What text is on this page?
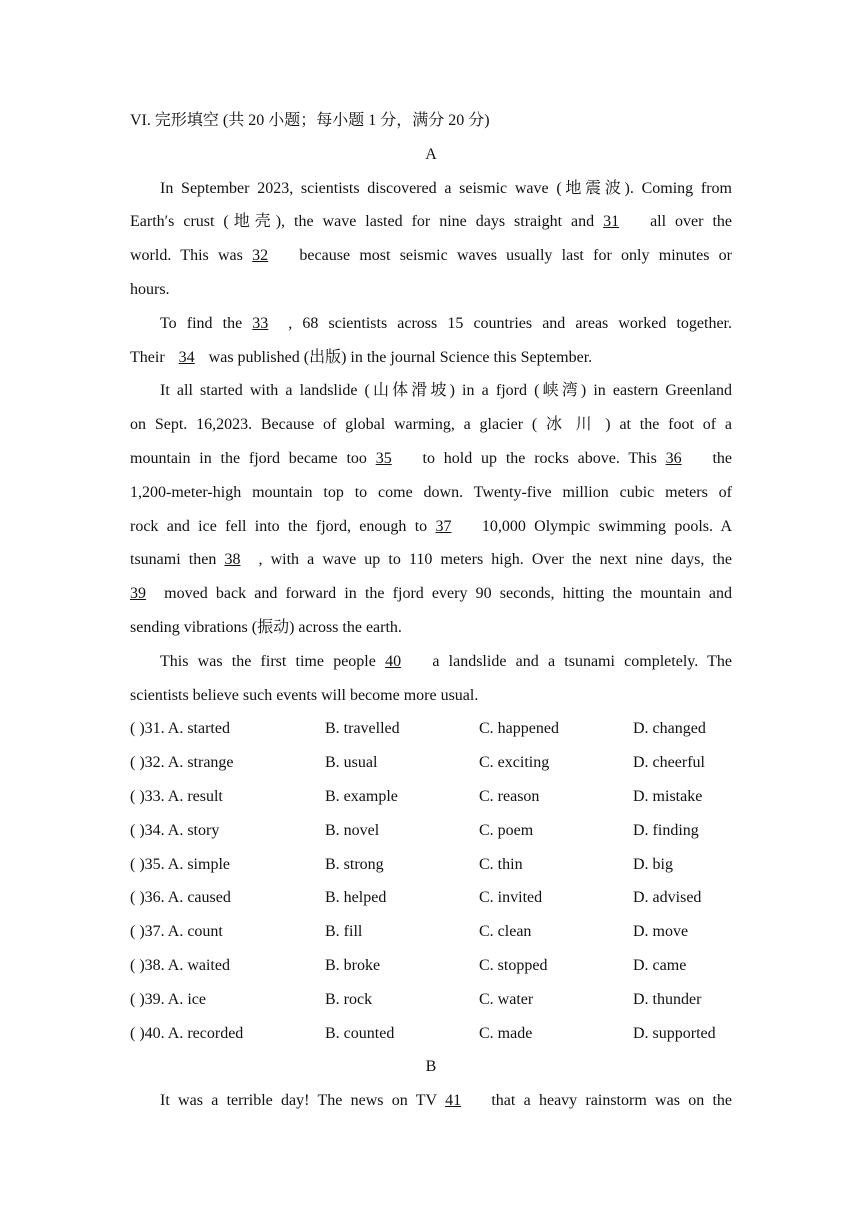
VI. 完形填空 (共 20 小题；每小题 1 分，满分 20 分)
A
In September 2023, scientists discovered a seismic wave (地震波). Coming from
Earth′s crust (地壳), the wave lasted for nine days straight and 31 all over the
world. This was 32 because most seismic waves usually last for only minutes or
hours.
To find the 33 , 68 scientists across 15 countries and areas worked together.
Their 34 was published (出版) in the journal Science this September.
It all started with a landslide (山体滑坡) in a fjord (峡湾) in eastern Greenland
on Sept. 16,2023. Because of global warming, a glacier ( 冰 川 ) at the foot of a
mountain in the fjord became too 35 to hold up the rocks above. This 36 the
1,200-meter-high mountain top to come down. Twenty-five million cubic meters of
rock and ice fell into the fjord, enough to 37 10,000 Olympic swimming pools. A
tsunami then 38 , with a wave up to 110 meters high. Over the next nine days, the
39 moved back and forward in the fjord every 90 seconds, hitting the mountain and
sending vibrations (振动) across the earth.
This was the first time people 40 a landslide and a tsunami completely. The
scientists believe such events will become more usual.
( )31. A. started	B. travelled	C. happened	D. changed
( )32. A. strange	B. usual	C. exciting	D. cheerful
( )33. A. result	B. example	C. reason	D. mistake
( )34. A. story	B. novel	C. poem	D. finding
( )35. A. simple	B. strong	C. thin	D. big
( )36. A. caused	B. helped	C. invited	D. advised
( )37. A. count	B. fill	C. clean	D. move
( )38. A. waited	B. broke	C. stopped	D. came
( )39. A. ice	B. rock	C. water	D. thunder
( )40. A. recorded	B. counted	C. made	D. supported
B
It was a terrible day! The news on TV 41 that a heavy rainstorm was on the
